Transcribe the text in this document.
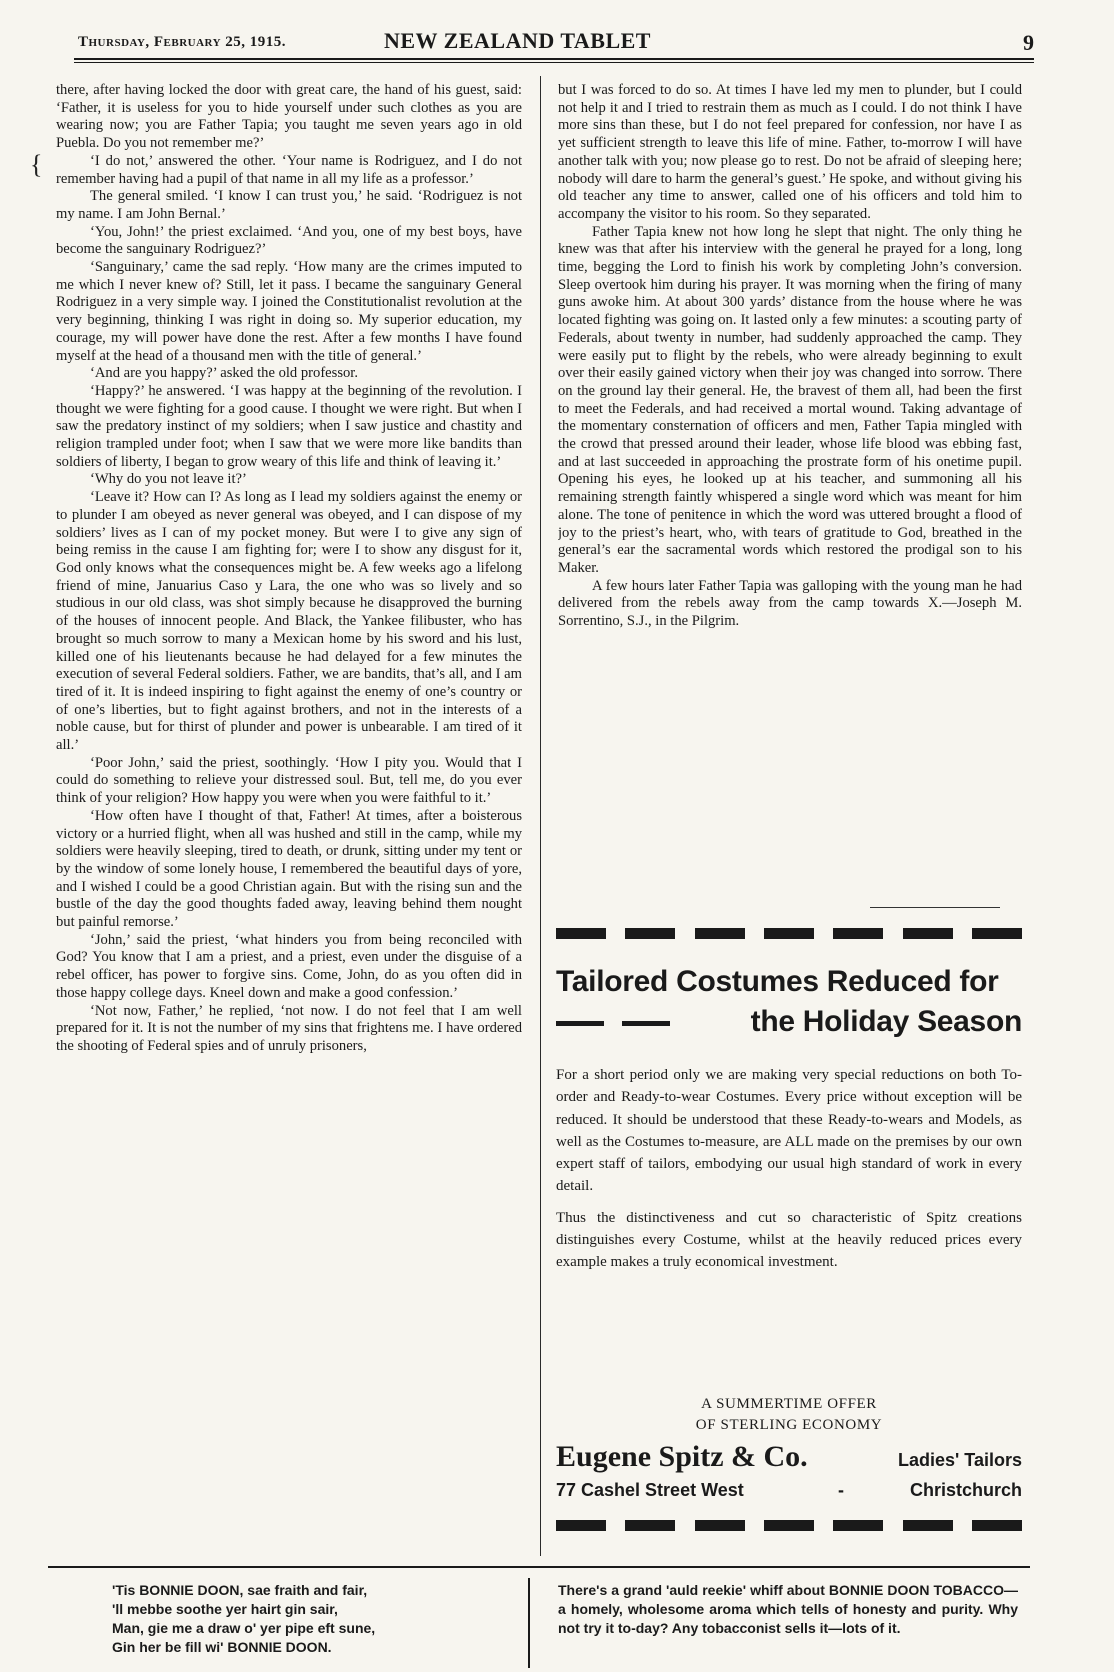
Thursday, February 25, 1915.	NEW ZEALAND TABLET	9
{

there, after having locked the door with great care, the hand of his guest, said: ‘Father, it is useless for you to hide yourself under such clothes as you are wearing now; you are Father Tapia; you taught me seven years ago in old Puebla. Do you not remember me?’

‘I do not,’ answered the other. ‘Your name is Rodriguez, and I do not remember having had a pupil of that name in all my life as a professor.’

The general smiled. ‘I know I can trust you,’ he said. ‘Rodriguez is not my name. I am John Bernal.’

‘You, John!’ the priest exclaimed. ‘And you, one of my best boys, have become the sanguinary Rodriguez?’

‘Sanguinary,’ came the sad reply. ‘How many are the crimes imputed to me which I never knew of? Still, let it pass. I became the sanguinary General Rodriguez in a very simple way. I joined the Constitutionalist revolution at the very beginning, thinking I was right in doing so. My superior education, my courage, my will power have done the rest. After a few months I have found myself at the head of a thousand men with the title of general.’

‘And are you happy?’ asked the old professor.

‘Happy?’ he answered. ‘I was happy at the beginning of the revolution. I thought we were fighting for a good cause. I thought we were right. But when I saw the predatory instinct of my soldiers; when I saw justice and chastity and religion trampled under foot; when I saw that we were more like bandits than soldiers of liberty, I began to grow weary of this life and think of leaving it.’

‘Why do you not leave it?’

‘Leave it? How can I? As long as I lead my soldiers against the enemy or to plunder I am obeyed as never general was obeyed, and I can dispose of my soldiers’ lives as I can of my pocket money. But were I to give any sign of being remiss in the cause I am fighting for; were I to show any disgust for it, God only knows what the consequences might be. A few weeks ago a lifelong friend of mine, Januarius Caso y Lara, the one who was so lively and so studious in our old class, was shot simply because he disapproved the burning of the houses of innocent people. And Black, the Yankee filibuster, who has brought so much sorrow to many a Mexican home by his sword and his lust, killed one of his lieutenants because he had delayed for a few minutes the execution of several Federal soldiers. Father, we are bandits, that’s all, and I am tired of it. It is indeed inspiring to fight against the enemy of one’s country or of one’s liberties, but to fight against brothers, and not in the interests of a noble cause, but for thirst of plunder and power is unbearable. I am tired of it all.’

‘Poor John,’ said the priest, soothingly. ‘How I pity you. Would that I could do something to relieve your distressed soul. But, tell me, do you ever think of your religion? How happy you were when you were faithful to it.’

‘How often have I thought of that, Father! At times, after a boisterous victory or a hurried flight, when all was hushed and still in the camp, while my soldiers were heavily sleeping, tired to death, or drunk, sitting under my tent or by the window of some lonely house, I remembered the beautiful days of yore, and I wished I could be a good Christian again. But with the rising sun and the bustle of the day the good thoughts faded away, leaving behind them nought but painful remorse.’

‘John,’ said the priest, ‘what hinders you from being reconciled with God? You know that I am a priest, and a priest, even under the disguise of a rebel officer, has power to forgive sins. Come, John, do as you often did in those happy college days. Kneel down and make a good confession.’

‘Not now, Father,’ he replied, ‘not now. I do not feel that I am well prepared for it. It is not the number of my sins that frightens me. I have ordered the shooting of Federal spies and of unruly prisoners,

but I was forced to do so. At times I have led my men to plunder, but I could not help it and I tried to restrain them as much as I could. I do not think I have more sins than these, but I do not feel prepared for confession, nor have I as yet sufficient strength to leave this life of mine. Father, to-morrow I will have another talk with you; now please go to rest. Do not be afraid of sleeping here; nobody will dare to harm the general’s guest.’ He spoke, and without giving his old teacher any time to answer, called one of his officers and told him to accompany the visitor to his room. So they separated.

Father Tapia knew not how long he slept that night. The only thing he knew was that after his interview with the general he prayed for a long, long time, begging the Lord to finish his work by completing John’s conversion. Sleep overtook him during his prayer. It was morning when the firing of many guns awoke him. At about 300 yards’ distance from the house where he was located fighting was going on. It lasted only a few minutes: a scouting party of Federals, about twenty in number, had suddenly approached the camp. They were easily put to flight by the rebels, who were already beginning to exult over their easily gained victory when their joy was changed into sorrow. There on the ground lay their general. He, the bravest of them all, had been the first to meet the Federals, and had received a mortal wound. Taking advantage of the momentary consternation of officers and men, Father Tapia mingled with the crowd that pressed around their leader, whose life blood was ebbing fast, and at last succeeded in approaching the prostrate form of his onetime pupil. Opening his eyes, he looked up at his teacher, and summoning all his remaining strength faintly whispered a single word which was meant for him alone. The tone of penitence in which the word was uttered brought a flood of joy to the priest’s heart, who, with tears of gratitude to God, breathed in the general’s ear the sacramental words which restored the prodigal son to his Maker.

A few hours later Father Tapia was galloping with the young man he had delivered from the rebels away from the camp towards X.—Joseph M. Sorrentino, S.J., in the Pilgrim.

Tailored Costumes Reduced for
the Holiday Season

For a short period only we are making very special reductions on both To-order and Ready-to-wear Costumes. Every price without exception will be reduced. It should be understood that these Ready-to-wears and Models, as well as the Costumes to-measure, are ALL made on the premises by our own expert staff of tailors, embodying our usual high standard of work in every detail.

Thus the distinctiveness and cut so characteristic of Spitz creations distinguishes every Costume, whilst at the heavily reduced prices every example makes a truly economical investment.

A SUMMERTIME OFFER
OF STERLING ECONOMY
Eugene Spitz & Co.	Ladies' Tailors
77 Cashel Street West	-	Christchurch
'Tis BONNIE DOON, sae fraith and fair,
'll mebbe soothe yer hairt gin sair,
Man, gie me a draw o' yer pipe eft sune,
Gin her be fill wi' BONNIE DOON.
There's a grand 'auld reekie' whiff about BONNIE DOON TOBACCO—a homely, wholesome aroma which tells of honesty and purity. Why not try it to-day? Any tobacconist sells it—lots of it.
